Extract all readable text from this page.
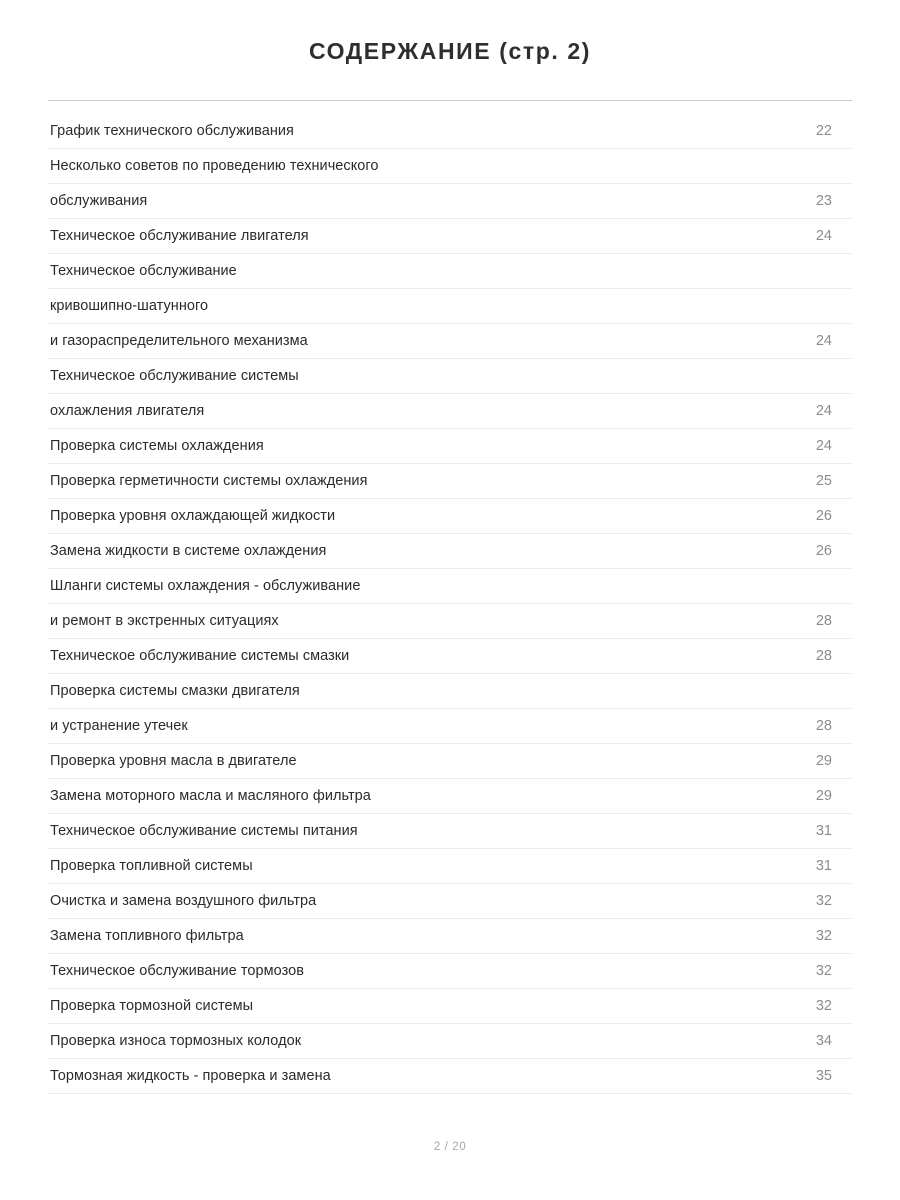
СОДЕРЖАНИЕ (стр. 2)
График технического обслуживания	22
Несколько советов по проведению технического	
обслуживания	23
Техническое обслуживание лвигателя	24
Техническое обслуживание	
кривошипно-шатунного	
и газораспределительного механизма	24
Техническое обслуживание системы	
охлажления лвигателя	24
Проверка системы охлаждения	24
Проверка герметичности системы охлаждения	25
Проверка уровня охлаждающей жидкости	26
Замена жидкости в системе охлаждения	26
Шланги системы охлаждения - обслуживание	
и ремонт в экстренных ситуациях	28
Техническое обслуживание системы смазки	28
Проверка системы смазки двигателя	
и устранение утечек	28
Проверка уровня масла в двигателе	29
Замена моторного масла и масляного фильтра	29
Техническое обслуживание системы питания	31
Проверка топливной системы	31
Очистка и замена воздушного фильтра	32
Замена топливного фильтра	32
Техническое обслуживание тормозов	32
Проверка тормозной системы	32
Проверка износа тормозных колодок	34
Тормозная жидкость - проверка и замена	35
2 / 20
